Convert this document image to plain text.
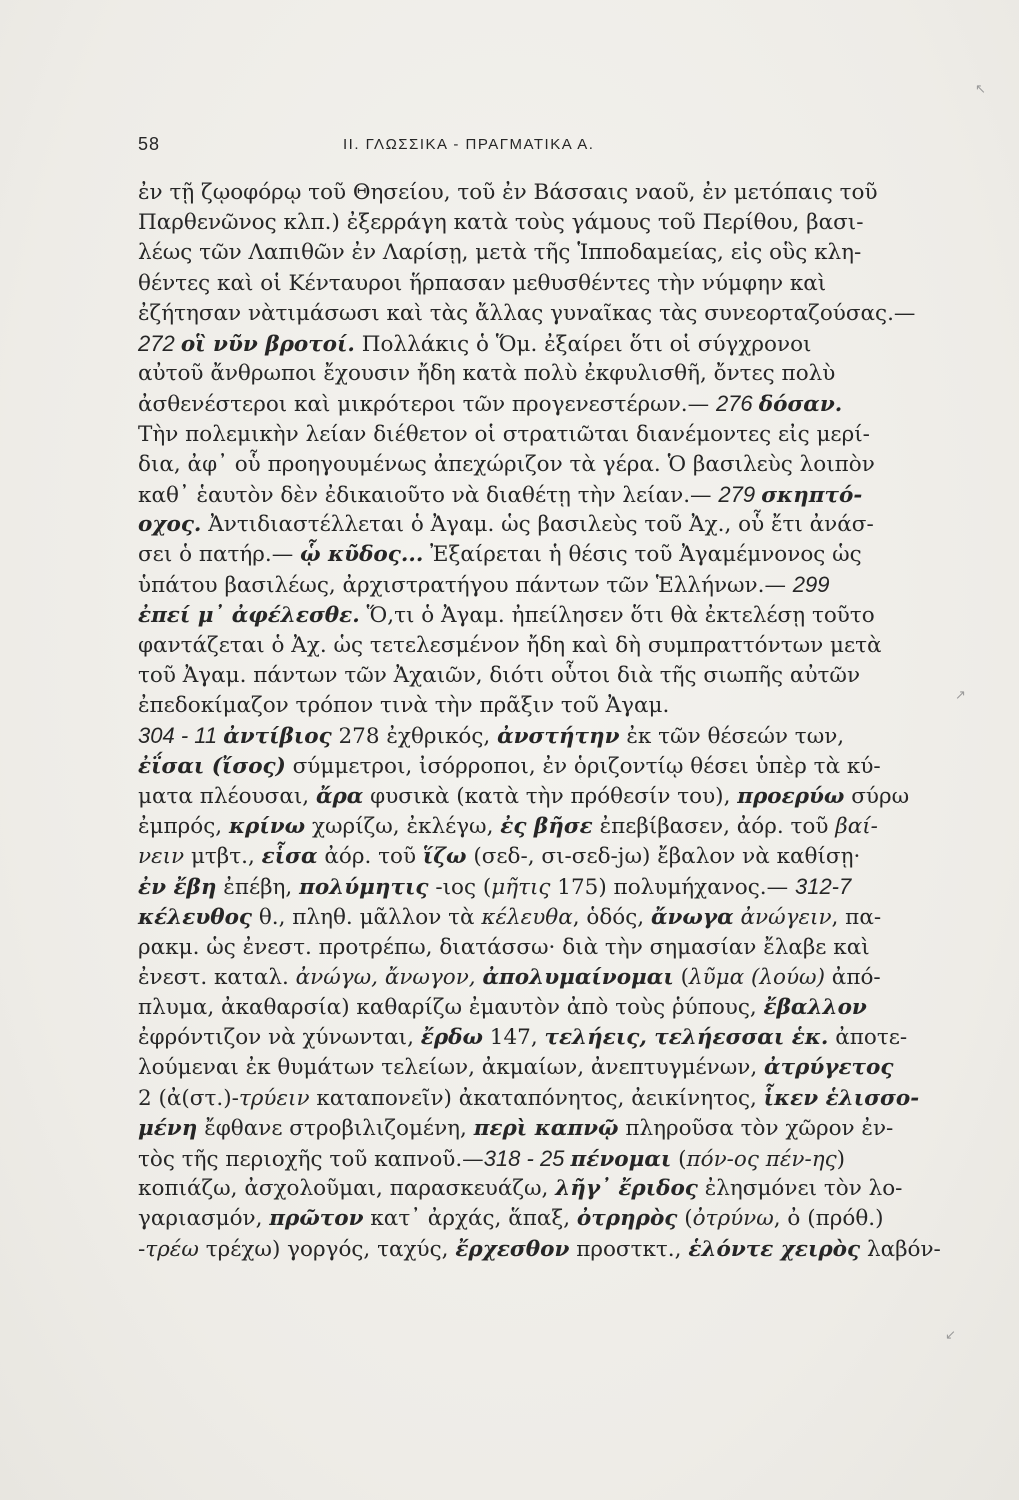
58	II. ΓΛΩΣΣΙΚΑ - ΠΡΑΓΜΑΤΙΚΑ Α.
ἐν τῇ ζῳοφόρῳ τοῦ Θησείου, τοῦ ἐν Βάσσαις ναοῦ, ἐν μετόπαις τοῦ
Παρθενῶνος κλπ.) ἐξερράγη κατὰ τοὺς γάμους τοῦ Περίθου, βασι-
λέως τῶν Λαπιθῶν ἐν Λαρίσῃ, μετὰ τῆς Ἱπποδαμείας, εἰς οὓς κλη-
θέντες καὶ οἱ Κένταυροι ἥρπασαν μεθυσθέντες τὴν νύμφην καὶ
ἐζήτησαν νὰτιμάσωσι καὶ τὰς ἄλλας γυναῖκας τὰς συνεορταζούσας.—
272 οἳ νῦν βροτοί. Πολλάκις ὁ Ὅμ. ἐξαίρει ὅτι οἱ σύγχρονοι
αὐτοῦ ἄνθρωποι ἔχουσιν ἤδη κατὰ πολὺ ἐκφυλισθῆ, ὄντες πολὺ
ἀσθενέστεροι καὶ μικρότεροι τῶν προγενεστέρων.— 276 δόσαν.
Τὴν πολεμικὴν λείαν διέθετον οἱ στρατιῶται διανέμοντες εἰς μερί-
δια, ἀφ᾽ οὗ προηγουμένως ἀπεχώριζον τὰ γέρα. Ὁ βασιλεὺς λοιπὸν
καθ᾽ ἑαυτὸν δὲν ἐδικαιοῦτο νὰ διαθέτῃ τὴν λείαν.— 279 σκηπτό-
οχος. Ἀντιδιαστέλλεται ὁ Ἀγαμ. ὡς βασιλεὺς τοῦ Ἀχ., οὗ ἔτι ἀνάσ-
σει ὁ πατήρ.— ᾧ κῦδος... Ἐξαίρεται ἡ θέσις τοῦ Ἀγαμέμνονος ὡς
ὑπάτου βασιλέως, ἀρχιστρατήγου πάντων τῶν Ἑλλήνων.— 299
ἐπεί μ᾽ ἀφέλεσθε. Ὅ,τι ὁ Ἀγαμ. ἠπείλησεν ὅτι θὰ ἐκτελέσῃ τοῦτο
φαντάζεται ὁ Ἀχ. ὡς τετελεσμένον ἤδη καὶ δὴ συμπραττόντων μετὰ
τοῦ Ἀγαμ. πάντων τῶν Ἀχαιῶν, διότι οὗτοι διὰ τῆς σιωπῆς αὐτῶν
ἐπεδοκίμαζον τρόπον τινὰ τὴν πρᾶξιν τοῦ Ἀγαμ.
304 - 11 ἀντίβιος 278 ἐχθρικός, ἀνστήτην ἐκ τῶν θέσεών των,
ἐΐσαι (ἴσος) σύμμετροι, ἰσόρροποι, ἐν ὁριζοντίῳ θέσει ὑπὲρ τὰ κύ-
ματα πλέουσαι, ἄρα φυσικὰ (κατὰ τὴν πρόθεσίν του), προερύω σύρω
ἐμπρός, κρίνω χωρίζω, ἐκλέγω, ἐς βῆσε ἐπεβίβασεν, ἀόρ. τοῦ βαί-
νειν μτβτ., εἷσα ἀόρ. τοῦ ἵζω (σεδ-, σι-σεδ-jω) ἔβαλον νὰ καθίσῃ·
ἐν ἔβη ἐπέβη, πολύμητις -ιος (μῆτις 175) πολυμήχανος.— 312-7
κέλευθος θ., πληθ. μᾶλλον τὰ κέλευθα, ὁδός, ἄνωγα ἀνώγειν, πα-
ρακμ. ὡς ἐνεστ. προτρέπω, διατάσσω· διὰ τὴν σημασίαν ἔλαβε καὶ
ἐνεστ. καταλ. ἀνώγω, ἄνωγον, ἀπολυμαίνομαι (λῦμα (λούω) ἀπό-
πλυμα, ἀκαθαρσία) καθαρίζω ἐμαυτὸν ἀπὸ τοὺς ῥύπους, ἔβαλλον
ἐφρόντιζον νὰ χύνωνται, ἔρδω 147, τελήεις, τελήεσσαι ἑκ. ἀποτε-
λούμεναι ἐκ θυμάτων τελείων, ἀκμαίων, ἀνεπτυγμένων, ἀτρύγετος
2 (ἀ(στ.)-τρύειν καταπονεῖν) ἀκαταπόνητος, ἀεικίνητος, ἷκεν ἑλισσο-
μένη ἔφθανε στροβιλιζομένη, περὶ καπνῷ πληροῦσα τὸν χῶρον ἐν-
τὸς τῆς περιοχῆς τοῦ καπνοῦ.—318 - 25 πένομαι (πόν-ος πέν-ης)
κοπιάζω, ἀσχολοῦμαι, παρασκευάζω, λῆγ᾽ ἔριδος ἐλησμόνει τὸν λο-
γαριασμόν, πρῶτον κατ᾽ ἀρχάς, ἅπαξ, ὀτρηρὸς (ὀτρύνω, ὀ (πρόθ.)
-τρέω τρέχω) γοργός, ταχύς, ἔρχεσθον προστκτ., ἑλόντε χειρὸς λαβόν-
↖
↗
↙
